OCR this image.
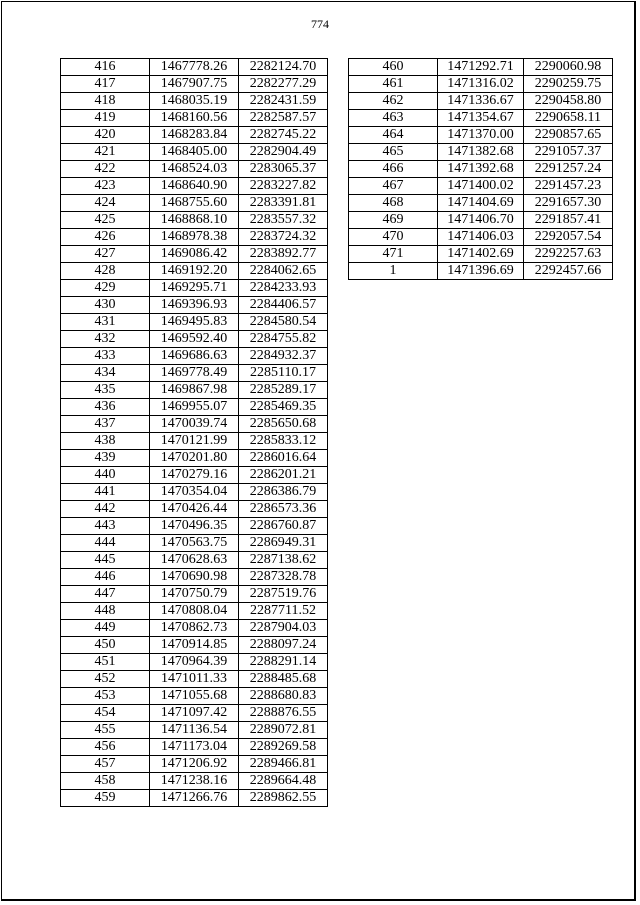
774
416	1467778.26	2282124.70
417	1467907.75	2282277.29
418	1468035.19	2282431.59
419	1468160.56	2282587.57
420	1468283.84	2282745.22
421	1468405.00	2282904.49
422	1468524.03	2283065.37
423	1468640.90	2283227.82
424	1468755.60	2283391.81
425	1468868.10	2283557.32
426	1468978.38	2283724.32
427	1469086.42	2283892.77
428	1469192.20	2284062.65
429	1469295.71	2284233.93
430	1469396.93	2284406.57
431	1469495.83	2284580.54
432	1469592.40	2284755.82
433	1469686.63	2284932.37
434	1469778.49	2285110.17
435	1469867.98	2285289.17
436	1469955.07	2285469.35
437	1470039.74	2285650.68
438	1470121.99	2285833.12
439	1470201.80	2286016.64
440	1470279.16	2286201.21
441	1470354.04	2286386.79
442	1470426.44	2286573.36
443	1470496.35	2286760.87
444	1470563.75	2286949.31
445	1470628.63	2287138.62
446	1470690.98	2287328.78
447	1470750.79	2287519.76
448	1470808.04	2287711.52
449	1470862.73	2287904.03
450	1470914.85	2288097.24
451	1470964.39	2288291.14
452	1471011.33	2288485.68
453	1471055.68	2288680.83
454	1471097.42	2288876.55
455	1471136.54	2289072.81
456	1471173.04	2289269.58
457	1471206.92	2289466.81
458	1471238.16	2289664.48
459	1471266.76	2289862.55
460	1471292.71	2290060.98
461	1471316.02	2290259.75
462	1471336.67	2290458.80
463	1471354.67	2290658.11
464	1471370.00	2290857.65
465	1471382.68	2291057.37
466	1471392.68	2291257.24
467	1471400.02	2291457.23
468	1471404.69	2291657.30
469	1471406.70	2291857.41
470	1471406.03	2292057.54
471	1471402.69	2292257.63
1	1471396.69	2292457.66
